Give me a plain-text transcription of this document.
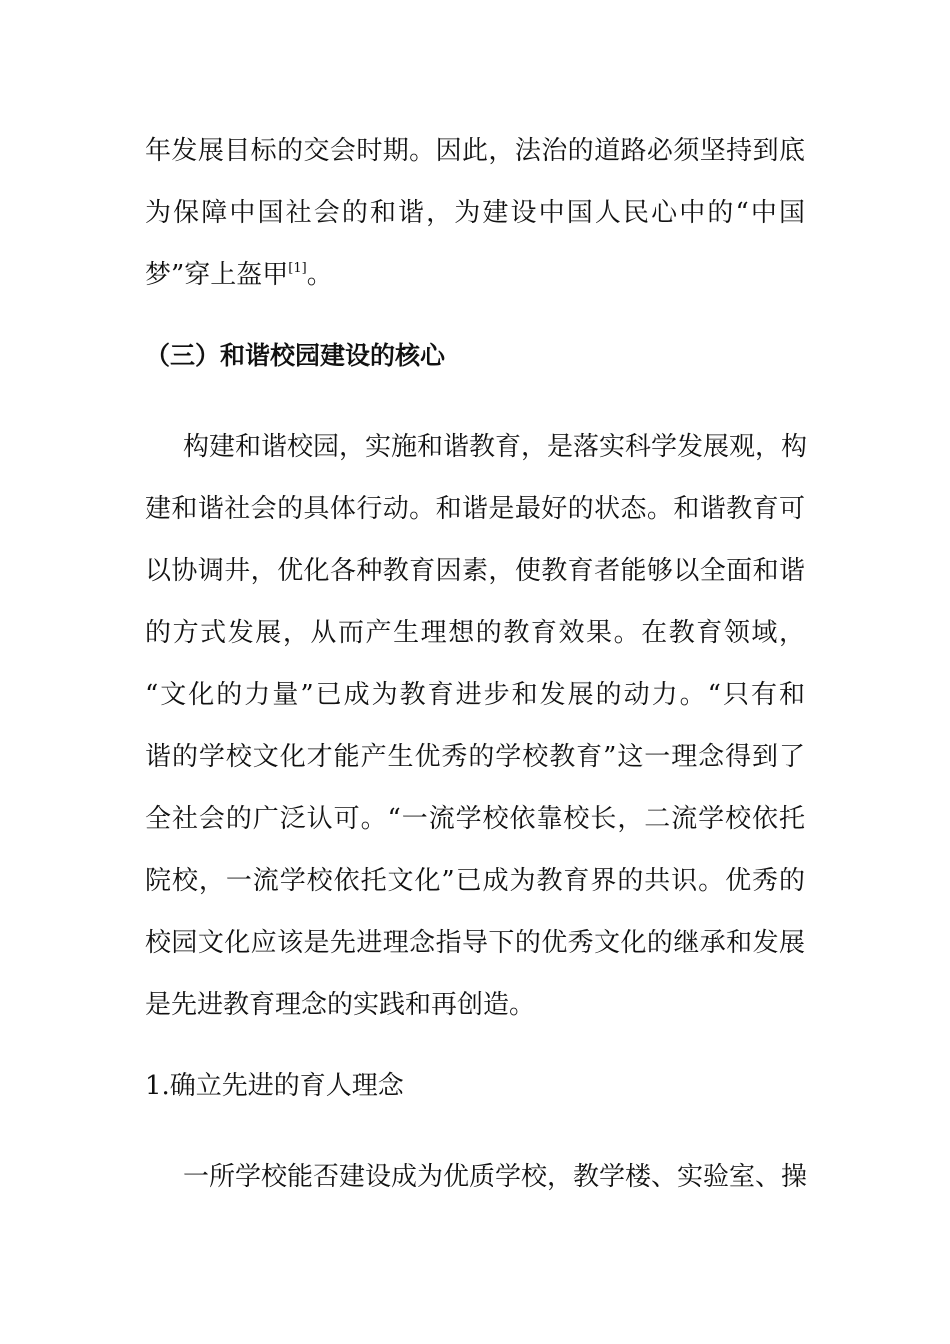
年发展目标的交会时期。因此，法治的道路必须坚持到底
为保障中国社会的和谐，为建设中国人民心中的“中国
梦”穿上盔甲[1]。
（三）和谐校园建设的核心
构建和谐校园，实施和谐教育，是落实科学发展观，构
建和谐社会的具体行动。和谐是最好的状态。和谐教育可
以协调井，优化各种教育因素，使教育者能够以全面和谐
的方式发展，从而产生理想的教育效果。在教育领域，
“文化的力量”已成为教育进步和发展的动力。“只有和
谐的学校文化才能产生优秀的学校教育”这一理念得到了
全社会的广泛认可。“一流学校依靠校长，二流学校依托
院校，一流学校依托文化”已成为教育界的共识。优秀的
校园文化应该是先进理念指导下的优秀文化的继承和发展
是先进教育理念的实践和再创造。
1.确立先进的育人理念
一所学校能否建设成为优质学校，教学楼、实验室、操
